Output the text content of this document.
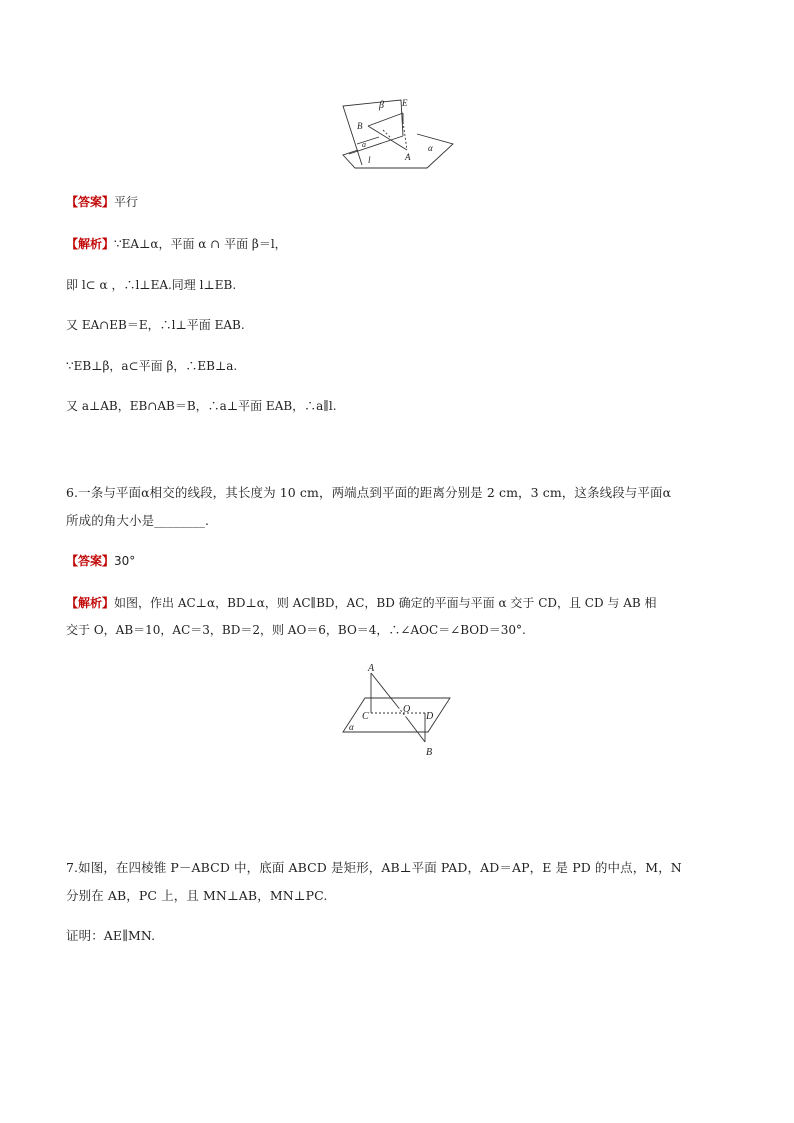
β E
B
a
A
α
l
【答案】平行
【解析】∵EA⊥α，平面 α ∩ 平面 β＝l，
即 l⊂ α ，∴l⊥EA.同理 l⊥EB.
又 EA∩EB＝E，∴l⊥平面 EAB.
∵EB⊥β，a⊂平面 β，∴EB⊥a.
又 a⊥AB，EB∩AB＝B，∴a⊥平面 EAB，∴a∥l.
6.一条与平面α相交的线段，其长度为 10 cm，两端点到平面的距离分别是 2 cm，3 cm，这条线段与平面α
所成的角大小是________.
【答案】30°
【解析】如图，作出 AC⊥α，BD⊥α，则 AC∥BD，AC，BD 确定的平面与平面 α 交于 CD，且 CD 与 AB 相
交于 O，AB＝10，AC＝3，BD＝2，则 AO＝6，BO＝4，∴∠AOC＝∠BOD＝30°.
A
C
O
D
α
B
7.如图，在四棱锥 P－ABCD 中，底面 ABCD 是矩形，AB⊥平面 PAD，AD＝AP，E 是 PD 的中点，M，N
分别在 AB，PC 上，且 MN⊥AB，MN⊥PC.
证明：AE∥MN.
